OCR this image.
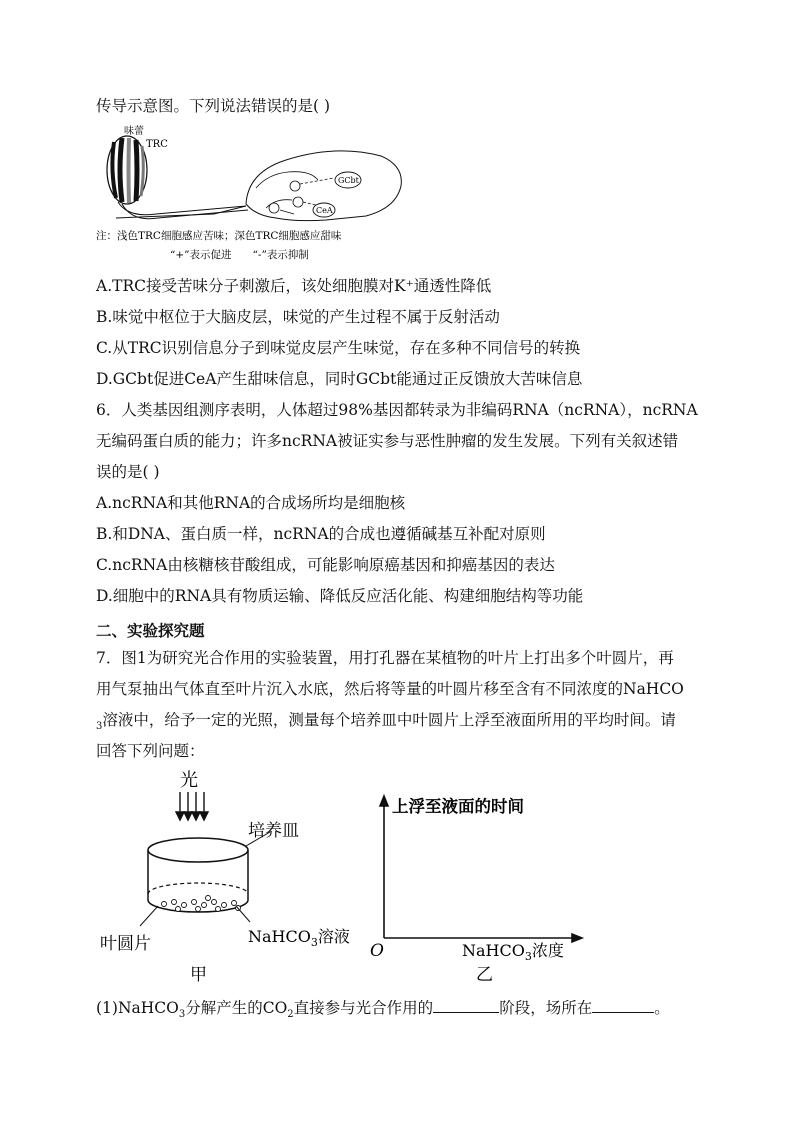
传导示意图。下列说法错误的是( )
味蕾
TRC
GCbt
CeA
注：浅色TRC细胞感应苦味；深色TRC细胞感应甜味
“+”表示促进　　“-”表示抑制
A.TRC接受苦味分子刺激后，该处细胞膜对K⁺通透性降低
B.味觉中枢位于大脑皮层，味觉的产生过程不属于反射活动
C.从TRC识别信息分子到味觉皮层产生味觉，存在多种不同信号的转换
D.GCbt促进CeA产生甜味信息，同时GCbt能通过正反馈放大苦味信息
6．人类基因组测序表明，人体超过98%基因都转录为非编码RNA（ncRNA），ncRNA
无编码蛋白质的能力；许多ncRNA被证实参与恶性肿瘤的发生发展。下列有关叙述错
误的是( )
A.ncRNA和其他RNA的合成场所均是细胞核
B.和DNA、蛋白质一样，ncRNA的合成也遵循碱基互补配对原则
C.ncRNA由核糖核苷酸组成，可能影响原癌基因和抑癌基因的表达
D.细胞中的RNA具有物质运输、降低反应活化能、构建细胞结构等功能
二、实验探究题
7．图1为研究光合作用的实验装置，用打孔器在某植物的叶片上打出多个叶圆片，再
用气泵抽出气体直至叶片沉入水底，然后将等量的叶圆片移至含有不同浓度的NaHCO
$_3$溶液中，给予一定的光照，测量每个培养皿中叶圆片上浮至液面所用的平均时间。请
回答下列问题：
光
培养皿
叶圆片	NaHCO$_3$溶液
甲
上浮至液面的时间
O	NaHCO$_3$浓度
乙
(1)NaHCO$_3$分解产生的$CO_2$直接参与光合作用的	阶段，场所在	。
